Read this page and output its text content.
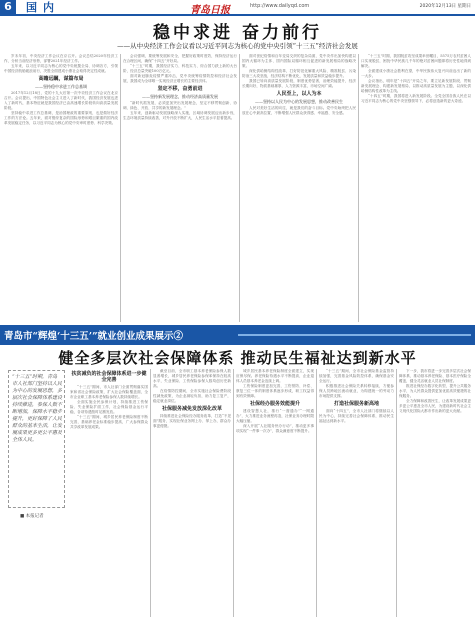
6	国内	青岛日报	http://www.dailyqd.com	2020年12月13日 星期日
稳中求进 奋力前行
——从中央经济工作会议看以习近平同志为核心的党中央引领“十三五”经济社会发展

岁末年初，中央经济工作会议在京召开。会议总结2020年经济工作，分析当前经济形势，部署2021年经济工作。

五年来，以习近平同志为核心的党中央统揽全局、协调各方，引领中国经济航船破浪前行，决胜全面建成小康社会取得决定性成就。

高瞻远瞩，谋篇布局

——坚持稳中求进工作总基调

2017年12月18日，党的十九大后第一次中央经济工作会议在北京召开。会议提出，中国特色社会主义进入了新时代，我国经济发展也进入了新时代，基本特征就是我国经济已由高速增长阶段转向高质量发展阶段。

坚持稳中求进工作总基调，是治国理政的重要原则，也是做好经济工作的方法论。五年来，面对错综复杂的国际形势和艰巨繁重的国内改革发展稳定任务，以习近平同志为核心的党中央审时度势、科学决策。

会议强调，要统筹发展和安全，把握好政策时度效，保持经济运行在合理区间，确保“十四五”开好局。

“十三五”时期，我国经济实力、科技实力、综合国力跃上新的大台阶，经济总量突破100万亿元。

面对新冠肺炎疫情严重冲击，党中央统筹疫情防控和经济社会发展，我国成为全球唯一实现经济正增长的主要经济体。

坚定不移，奋勇前进

——坚持新发展理念，推动经济高质量发展

“新时代抓发展，必须更加突出发展理念，坚定不移贯彻创新、协调、绿色、开放、共享的新发展理念。”

五年来，创新驱动发展战略深入实施，区域协调发展迈出新步伐，生态环境质量持续改善，对外开放不断扩大，人民生活水平显著提高。

面对世纪疫情和百年变局交织的复杂局面，党中央作出加快构建以国内大循环为主体、国内国际双循环相互促进的新发展格局的战略决策。

深化供给侧结构性改革，打好防范化解重大风险、精准脱贫、污染防治三大攻坚战，经济结构不断优化，发展质量和效益稳步提升。

我国已转向高质量发展阶段，制度优势显著，治理效能提升，经济长期向好，物质基础雄厚，人力资源丰富，市场空间广阔。

人民至上，以人为本

——坚持以人民为中心的发展思想，推动改善民生

人民对美好生活的向往，就是我们的奋斗目标。党中央始终把人民放在心中最高位置，不断增强人民群众获得感、幸福感、安全感。

“十三五”时期，我国脱贫攻坚成果举世瞩目，5575万农村贫困人口实现脱贫，困扰中华民族几千年的绝对贫困问题即将历史性地得到解决。

全面建成小康社会胜利在望，中华民族伟大复兴向前迈出了新的一大步。

会议指出，明年是“十四五”开局之年，要立足新发展阶段、贯彻新发展理念、构建新发展格局，以推动高质量发展为主题，以深化供给侧结构性改革为主线。

“十四五”时期，我国将进入新发展阶段。全党全国各族人民在以习近平同志为核心的党中央坚强领导下，必将创造新的更大奇迹。

青岛市“辉煌‘十三五’”就业创业成果展示②
健全多层次社会保障体系 推动民生福祉达到新水平
“十三五”时期，青岛市人社部门坚持以人民为中心的发展思想，多层次社会保障体系建设持续推进，参保人数不断增加，保障水平稳步提升，更好保障了人民群众的基本生活，让发展成果更多更公平惠及全体人民。
■ 本报记者

扶贫减负的社会保障体系进一步健全完善

“十三五”期间，市人社部门全面贯彻落实国家和省社会保险政策，扩大社会保险覆盖面，全市企业职工基本养老保险参保人数持续增长。

全面实施全民参保计划，持续推进工伤保险、失业保险扩面工作，社会保险基金运行平稳，各项待遇按时足额发放。

“十三五”期间，城乡居民养老保险制度不断完善，基础养老金标准稳步提高，广大参保群众共享改革发展成果。

截至目前，全市职工基本养老保险参保人数显著增长，城乡居民养老保险参保率保持在较高水平，失业保险、工伤保险参保人数均创历史新高。

在疫情防控期间，全市实施社会保险费阶段性减免政策，为企业减轻负担，助力复工复产，稳定就业岗位。

社保服务减免发放深化改革

持续推进社会保险经办服务改革，打造“不见面”服务，实现社保业务网上办、掌上办，群众办事更便捷。

城乡居民基本养老保险制度全面建立，实现应保尽保。养老保险待遇水平不断提高，企业退休人员基本养老金连续上调。

工伤保险制度更加完善，工伤预防、补偿、康复三位一体的制度体系逐步形成，职工权益得到有效保障。

社保经办服务效能提升

建设智慧人社，推行“一窗通办”“一网通办”，大力推进业务流程再造，社保业务办理时限大幅压缩。

深入开展“人社服务快办行动”，推动更多事项实现“一件事一次办”，群众满意度不断提升。

“十三五”期间，全市社会保险基金监管持续加强，完善基金风险防控体系，确保基金安全运行。

积极推进社会保险关系转移接续，方便参保人员跨地区流动就业，为构建统一的劳动力市场提供支撑。

打造社保服务新高地

面向“十四五”，全市人社部门将继续以人民为中心，持续完善社会保障体系，推动民生福祉达到新水平。

下一步，我市将进一步完善多层次社会保障体系，推动基本养老保险、基本医疗保险全覆盖，健全灵活就业人员社保制度。

推进社保经办数字化转型，提升公共服务水平，为人民群众提供更加优质高效便捷的社保服务。

全力保障和改善民生，让改革发展成果更多更公平惠及全市人民，为建设新时代社会主义现代化国际大都市作出新的更大贡献。
